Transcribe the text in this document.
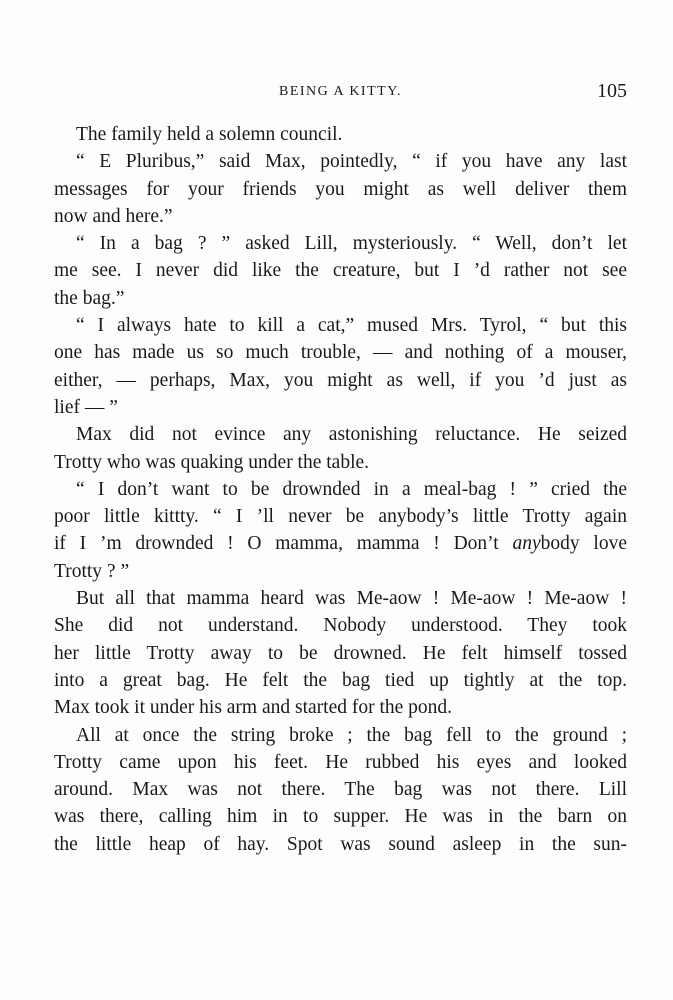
BEING A KITTY.	105
The family held a solemn council.
“ E Pluribus,” said Max, pointedly, “ if you have any last
messages for your friends you might as well deliver them
now and here.”
“ In a bag ? ” asked Lill, mysteriously. “ Well, don’t let
me see. I never did like the creature, but I ’d rather not see
the bag.”
“ I always hate to kill a cat,” mused Mrs. Tyrol, “ but this
one has made us so much trouble, — and nothing of a mouser,
either, — perhaps, Max, you might as well, if you ’d just as
lief — ”
Max did not evince any astonishing reluctance. He seized
Trotty who was quaking under the table.
“ I don’t want to be drownded in a meal-bag ! ” cried the
poor little kittty. “ I ’ll never be anybody’s little Trotty again
if I ’m drownded ! O mamma, mamma ! Don’t anybody love
Trotty ? ”
But all that mamma heard was Me-aow ! Me-aow ! Me-aow !
She did not understand. Nobody understood. They took
her little Trotty away to be drowned. He felt himself tossed
into a great bag. He felt the bag tied up tightly at the top.
Max took it under his arm and started for the pond.
All at once the string broke ; the bag fell to the ground ;
Trotty came upon his feet. He rubbed his eyes and looked
around. Max was not there. The bag was not there. Lill
was there, calling him in to supper. He was in the barn on
the little heap of hay. Spot was sound asleep in the sun-
